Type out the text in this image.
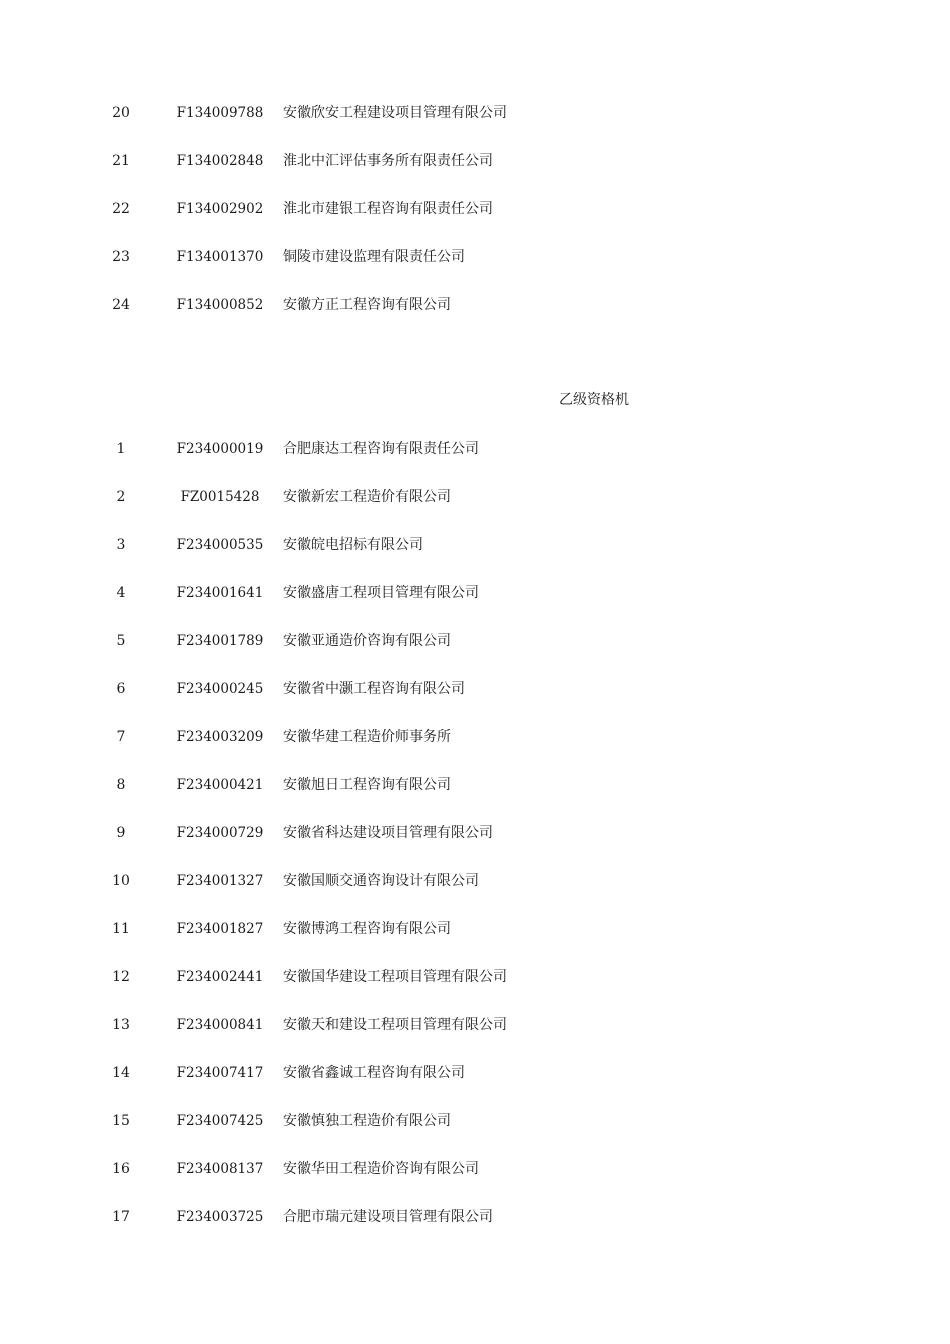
20	F134009788	安徽欣安工程建设项目管理有限公司
21	F134002848	淮北中汇评估事务所有限责任公司
22	F134002902	淮北市建银工程咨询有限责任公司
23	F134001370	铜陵市建设监理有限责任公司
24	F134000852	安徽方正工程咨询有限公司
乙级资格机
1	F234000019	合肥康达工程咨询有限责任公司
2	FZ0015428	安徽新宏工程造价有限公司
3	F234000535	安徽皖电招标有限公司
4	F234001641	安徽盛唐工程项目管理有限公司
5	F234001789	安徽亚通造价咨询有限公司
6	F234000245	安徽省中灏工程咨询有限公司
7	F234003209	安徽华建工程造价师事务所
8	F234000421	安徽旭日工程咨询有限公司
9	F234000729	安徽省科达建设项目管理有限公司
10	F234001327	安徽国顺交通咨询设计有限公司
11	F234001827	安徽博鸿工程咨询有限公司
12	F234002441	安徽国华建设工程项目管理有限公司
13	F234000841	安徽天和建设工程项目管理有限公司
14	F234007417	安徽省鑫诚工程咨询有限公司
15	F234007425	安徽慎独工程造价有限公司
16	F234008137	安徽华田工程造价咨询有限公司
17	F234003725	合肥市瑞元建设项目管理有限公司
